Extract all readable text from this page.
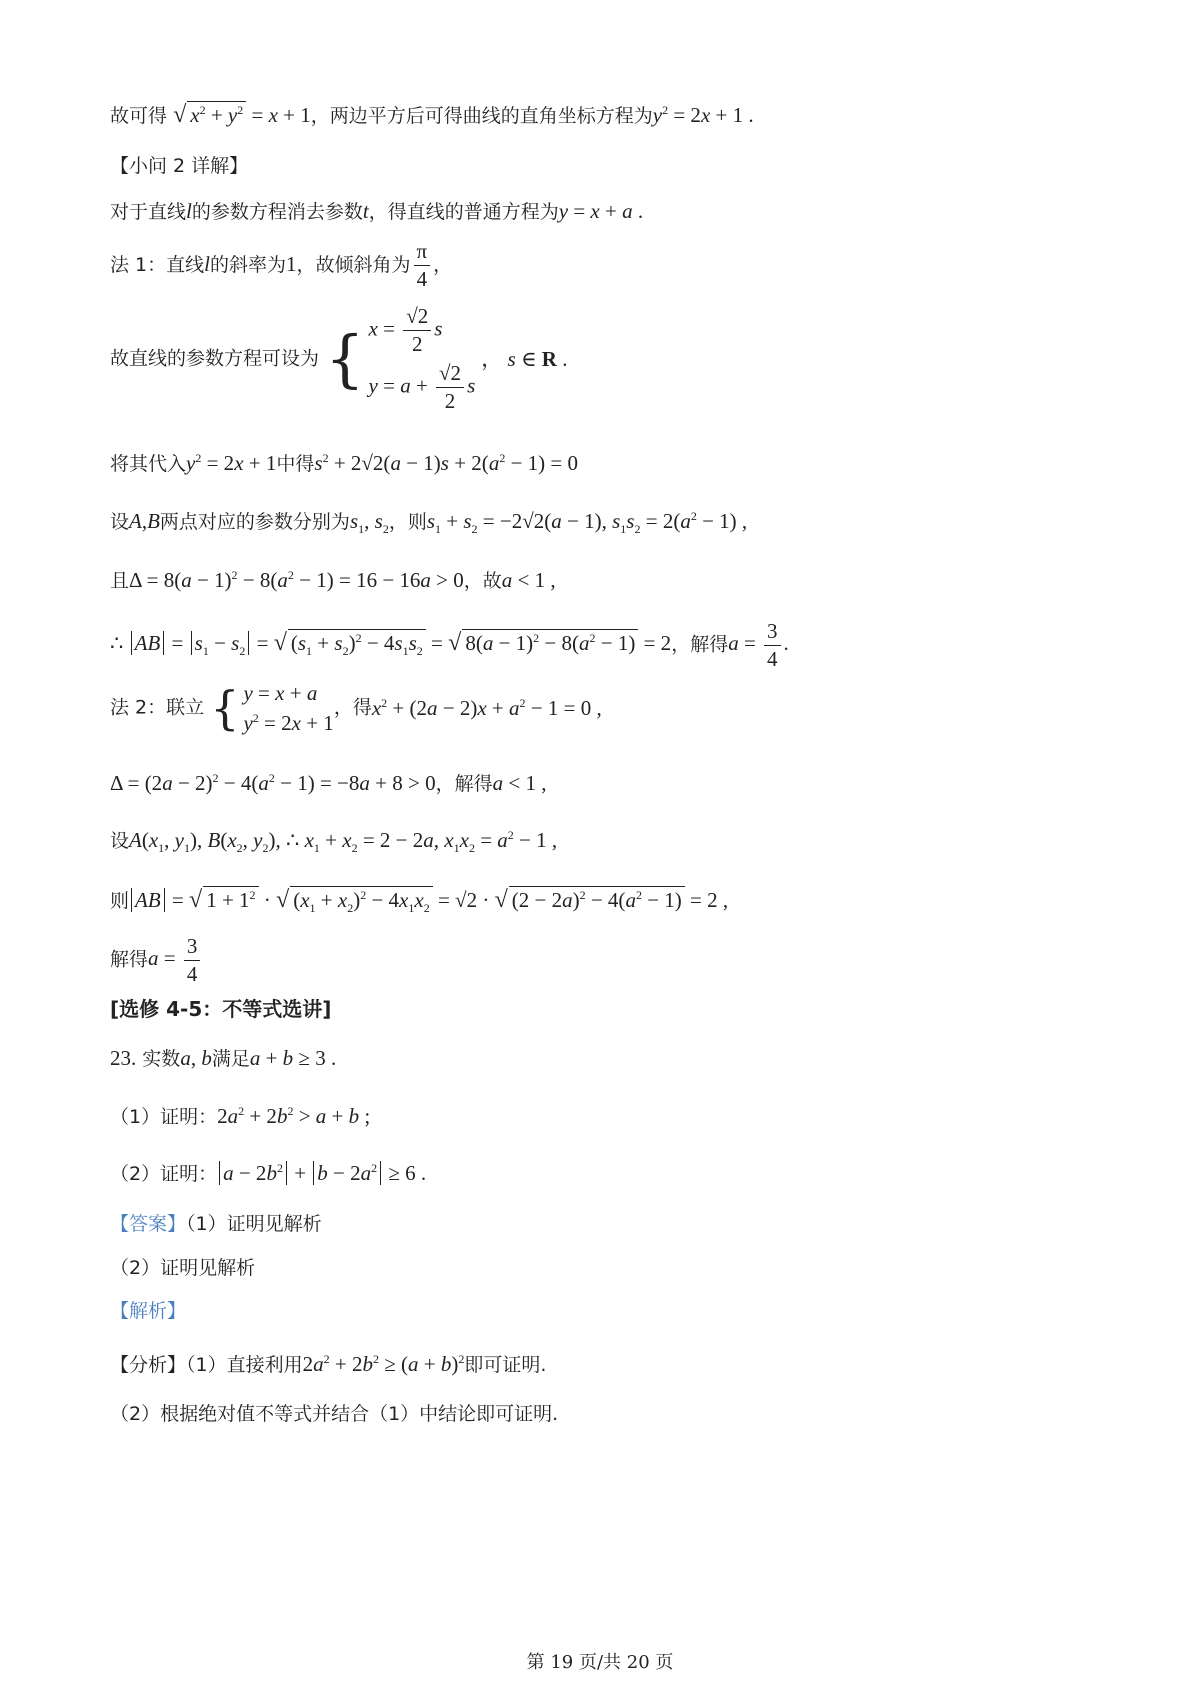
故可得 √ $x^2 + y^2 = x + 1$，两边平方后可得曲线的直角坐标方程为$y^2 = 2x + 1$ .
【小问 2 详解】
对于直线l的参数方程消去参数t，得直线的普通方程为y = x + a .
法 1：直线l的斜率为1，故倾斜角为 $\frac{\pi}{4}$ ，
故直线的参数方程可设为 { $x = \frac{√2}{2}$ s
$y = a + \frac{√2}{2}$ s
， s ∈ R .
将其代入$y^2 = 2x + 1$中得$s^2 + 2√2(a - 1)s + 2(a^2 - 1) = 0$
设A,B两点对应的参数分别为$s_1$, $s_2$，则$s_1 + s_2 = -2√2(a - 1)$, $s_1s_2 = 2(a^2 - 1)$ ,
且$\Delta = 8(a - 1)^2 - 8(a^2 - 1) = 16 - 16a > 0$，故a < 1 ,
∴ AB = $s_1 - s_2$ = √ $(s_1 + s_2)^2 - 4s_1s_2$ = √ $8(a - 1)^2 - 8(a^2 - 1) = 2$，解得$a = \frac{3}{4}$ .
法 2：联立 { y = x + a
$y^2 = 2x + 1$
，得$x^2 + (2a - 2)x + a^2 - 1 = 0$ ,
$\Delta = (2a - 2)^2 - 4(a^2 - 1) = -8a + 8 > 0$，解得a < 1 ,
设$A(x_1$, $y_1$), $B(x_2$, $y_2$), ∴ $x_1 + x_2 = 2 - 2a$, $x_1x_2 = a^2 - 1$ ,
则 AB = √ $1 + 1^2$ · √ $(x_1 + x_2)^2 - 4x_1x_2 = √2$ · √ $(2 - 2a)^2 - 4(a^2 - 1) = 2$ ,
解得$a = \frac{3}{4}$
[选修 4-5：不等式选讲]
23. 实数a, b满足a + b ≥ 3 .
（1）证明：$2a^2 + 2b^2 > a + b$ ;
（2）证明： $a - 2b^2 + b - 2a^2 \ge 6$ .
【答案】（1）证明见解析
（2）证明见解析
【解析】
【分析】（1）直接利用$2a^2 + 2b^2 \ge (a + b)^2$即可证明.
（2）根据绝对值不等式并结合（1）中结论即可证明.
第 19 页/共 20 页
